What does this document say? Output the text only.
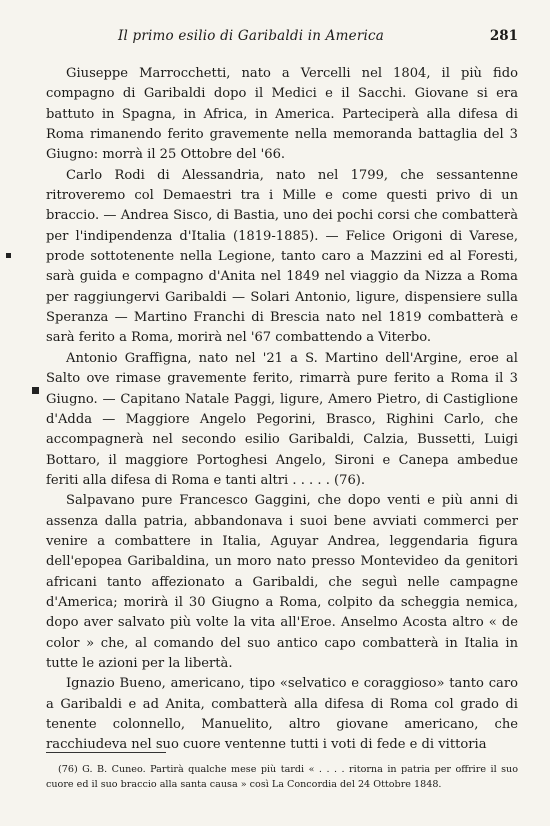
Il primo esilio di Garibaldi in America	281

Giuseppe Marrocchetti, nato a Vercelli nel 1804, il più fido compagno di Garibaldi dopo il Medici e il Sacchi. Giovane si era battuto in Spagna, in Africa, in America. Parteciperà alla difesa di Roma rimanendo ferito gravemente nella memoranda battaglia del 3 Giugno: morrà il 25 Ottobre del '66.

Carlo Rodi di Alessandria, nato nel 1799, che sessantenne ritroveremo col Demaestri tra i Mille e come questi privo di un braccio. — Andrea Sisco, di Bastia, uno dei pochi corsi che combatterà per l'indipendenza d'Italia (1819-1885). — Felice Origoni di Varese, prode sottotenente nella Legione, tanto caro a Mazzini ed al Foresti, sarà guida e compagno d'Anita nel 1849 nel viaggio da Nizza a Roma per raggiungervi Garibaldi — Solari Antonio, ligure, dispensiere sulla Speranza — Martino Franchi di Brescia nato nel 1819 combatterà e sarà ferito a Roma, morirà nel '67 combattendo a Viterbo.

Antonio Graffigna, nato nel '21 a S. Martino dell'Argine, eroe al Salto ove rimase gravemente ferito, rimarrà pure ferito a Roma il 3 Giugno. — Capitano Natale Paggi, ligure, Amero Pietro, di Castiglione d'Adda — Maggiore Angelo Pegorini, Brasco, Righini Carlo, che accompagnerà nel secondo esilio Garibaldi, Calzia, Bussetti, Luigi Bottaro, il maggiore Portoghesi Angelo, Sironi e Canepa ambedue feriti alla difesa di Roma e tanti altri . . . . . (76).

Salpavano pure Francesco Gaggini, che dopo venti e più anni di assenza dalla patria, abbandonava i suoi bene avviati commerci per venire a combattere in Italia, Aguyar Andrea, leggendaria figura dell'epopea Garibaldina, un moro nato presso Montevideo da genitori africani tanto affezionato a Garibaldi, che seguì nelle campagne d'America; morirà il 30 Giugno a Roma, colpito da scheggia nemica, dopo aver salvato più volte la vita all'Eroe. Anselmo Acosta altro « de color » che, al comando del suo antico capo combatterà in Italia in tutte le azioni per la libertà.

Ignazio Bueno, americano, tipo «selvatico e coraggioso» tanto caro a Garibaldi e ad Anita, combatterà alla difesa di Roma col grado di tenente colonnello, Manuelito, altro giovane americano, che racchiudeva nel suo cuore ventenne tutti i voti di fede e di vittoria

(76) G. B. Cuneo. Partirà qualche mese più tardi « . . . . ritorna in patria per offrire il suo cuore ed il suo braccio alla santa causa » così La Concordia del 24 Ottobre 1848.
